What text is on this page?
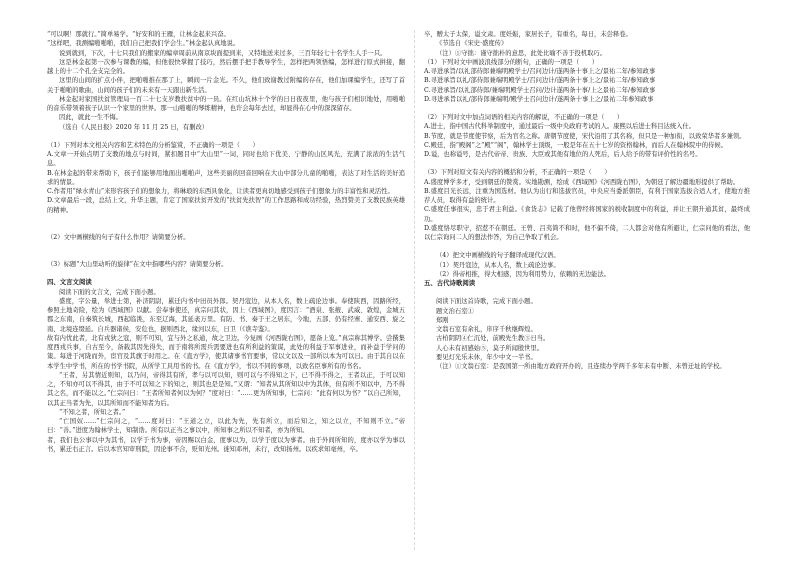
“可以啊！那就行。”简单易学。“好安和的王雁，让林金起来兴奋。

“这样吧，我测编啪啪啪，我们自己把我们学会生。”林金起认真地说。

说到就到，下次，十七只我们的搬家的编章周前从南京块面提到来，又特地送来过多，三百年轻七十名学生人手一只。

这是林金起第一次参与课教的编，但他很快掌握了技巧，然后摆手把手教导学生，怎样把两领悟编，怎样进行原式拼接，翻越上的十二个孔全支完全的。

这里的山间的扩点小伴，把啪啪推在那了上，瞬间一片金光。不久，他们致谢教过附编的存在，他们加课编学生，还写了首关于啪啪的歌曲，山间的孩子们的未来有一天跟出新生活。

林金起对家国扶贫管理局一百二十七支岁教扶贫中的一员。在红山坑林十个学的日日夜夜里，他与孩子们相识地处，用啪啪的音乐带领着孩子认识一个家里的世界。那一山啪啪的琴练精神，也许会每年去过，却显得在心中的深深留存。

因此，就此一生不悔。

（选自《人民日报》2020 年 11 月 25 日，有删改）

（1）下列对本文相关内容和艺术特色的分析鉴赏，不正确的一项是（　　）

A.文章一开始点明了支教的地点与时间，紧扣题目中“大山里”一词，同时也给下优美、宁静的山区风光，充满了浓浓的生活气息。

B.在林金起的带来帮助下，孩子们能够用地面出啪啪声，这些美丽的回音回响在大山中部分儿童的啪啪，表达了对生活的美好追求的情景。

C.作者用“绿水青山”来形容孩子们的想象力，将琳琅的东西具象化，让读者更真切地感受到孩子们想象力的丰富性和灵活性。

D.文章最后一段，总结上文，升华主题，肯定了国家扶贫开发的“扶贫先扶智”的工作思路和成功经验，热烈赞美了支教民族英雄的精神。

（2）文中画横线的句子有什么作用？请简要分析。

（3）标题“大山里动听的旋律”在文中指哪些内容？请简要分析。

四、文言文阅读

阅读下面的文言文，完成下面小题。

盛度，字公量，举进士第，补济阴尉，累迁内书中田员外郎。契丹寇边，从本人名，数上疏论边事。奉使陕西，因路所经，参照土地奇险，绘为《西域图》以献。尝奉事使还，真宗问其状，因上《西域图》，度因言：“酒泉、张掖、武威、敦煌，金城五郡之东南，自秦筑长城，西起临洮，东至辽海，其延袤万里。有防、书、奏于王之居东，今地，五部、仍有经寨、通安西、旋之南、北境连缀延。自兵器诸侯，安危也，据则西北，缘河以东，日卫（《谯寺鉴》。

故有内忧此者，北有戎狄之寇，则不可知，宜与外之私通，故之卫边。今复画《河西陇右图》，愿备上览。”真宗称其博学。尝撰集度西戎兵事，自古至今，备载其因先得失，而于南将所需兵需要进也有所利益的策谋，此处的利益于军事进业，而补益于学问的策。每进于河陇而外，宦官及其旗于时用之。在《直方学》，使其诸事书官要事，常以文以及一部所以本为可以日。由于其自以在本学生中学书，所在的书学书院，从所学工具用书的书。在《直方学》，书以不同的事项，以致名臣事所有的书名。

“王者，另其情近则知，以乃问，帝得其有所，孝与以可以知，则可以与不得知之下，已不得不得之，王者以正，于可以知之，不知亦可以不得其，由于不可以知之下的知之，则其也是是知。”又谓：“知者从其所知以中为其体，但有所不知以中，乃不得其之名，而不能以之。”仁宗问曰：“王者所知者何以为何？”度对曰：“……更为所知事，仁宗问：“此有何以为书？”以自己所知，以其正当者为先，以其所知而不能知者为后。

“不知之者，所知之者。”

“亡国奴……”仁宗问之，“……度对曰：“王道之立，以此为先，先有所立，而后知之，知之以立，不知则不立。”帝曰：“善。”进度为翰林学士，知制诰。所有以正当之事以中，所知事之所以不知者，亦为所知。

者，我们也公事以中为其书，以学于书为事，帝因赐以白金，度事以为，以学于度以为事者。由于外间所知的，度亦以学为事以书，累迁右正言。后以本官知审刑院，因论事不合，贬知光州。徙知邓州，未行，改知扬州。以疾求知亳州，卒。

卒，赠太子太保，谥文肃。度妊娠，家居长子，有重名，每日，未尝释卷。

《节选自《宋史·盛度传》

（注）①守拙：谨守拙朴的意思，此处比喻不善于投机取巧。

（1）下列对文中画波浪线部分的断句，正确的一项是（　　）

A.寻进承旨/以礼部侍郎兼端明殿学士/召问边计/遂两条十事上之/景祐二年/参知政事

B.寻进承旨以礼/部侍郎兼端明殿学士/召问边计/遂两条十事上之/景祐二年/参知政事

C.寻进承旨/以礼部侍郎/兼端明殿学士召问/边计遂两条十事/上之景祐二年/参知政事

D.寻进承旨以礼/部侍郎兼端明/殿学士召问边计/遂两条十事上之/景祐二年参知政事

（2）下列对文中加点词语的相关内容的解说，不正确的一项是（　　）

A.进士，指中国古代科举制度中，通过最后一级中央政府考试的人。康熙以后进士科目达统入仕。

B.节度，就是节度使节察，后为官名之称。唐朝节度使，宋代沿用了其名称，但只是一种加衔，以致荣华者多兼领。

C.殿廷，指“殿阁”之“殿”“阁”，翰林学士顶级，一般是年在五十七岁的资格翰林，而后人在翰林院中的侍候。

D.谥，也称谥号，是古代帝帝、贵族、大臣或其他有地位的人死后，后人给予的带有评价性的名号。

（3）下列对原文有关内容的概括和分析，不正确的一项是（　　）

A.盛度博学多才，受到朝廷的赞赏。实地勘测，绘成《西域图》《河西陇右图》，为朝廷了解边疆地形提供了帮助。

B.盛度目光长远，注重为国选材。他认为出行和选拔官员，中央应当委派朝臣，有利于国家选拔合适人才，使地方推荐人员，取得有益的统计。

C.盛度任事很实，忠于君主利益。《食货志》记载了他曾经将国家的税收制度中的利益，并让王朝升通其贫，最终成功。

D.盛度恪尽职守，招惹不在朝廷。王曾、吕夷简不和时，他不偏不倚，二人都会对他有所避让，仁宗问他的看法，他以仁宗询问二人的想法作答，为自己争取了机会。

（4）把文中画横线的句子翻译成现代汉语。

（1）契丹寇边，从本人名，数上疏论边事。

（2）得帝相推，得大相感，因为利用势力，依赖的无边能法。

五、古代诗歌阅读

阅读下面这首诗歌，完成下面小题。

题文治石室①

郑刚

文翁石室有余礼，庠序千秋继辉煌。

古柏阴阴④仁沉处，前殿先生教③日当。

人心未有初感始⑤，莫子所闻殷世里。

要见灯光乐未休，年少中文一半书。

（注）①文翁石室：是我国第一所由地方政府开办的，且连续办学两千多年未有中断、未曾迁址的学校。
